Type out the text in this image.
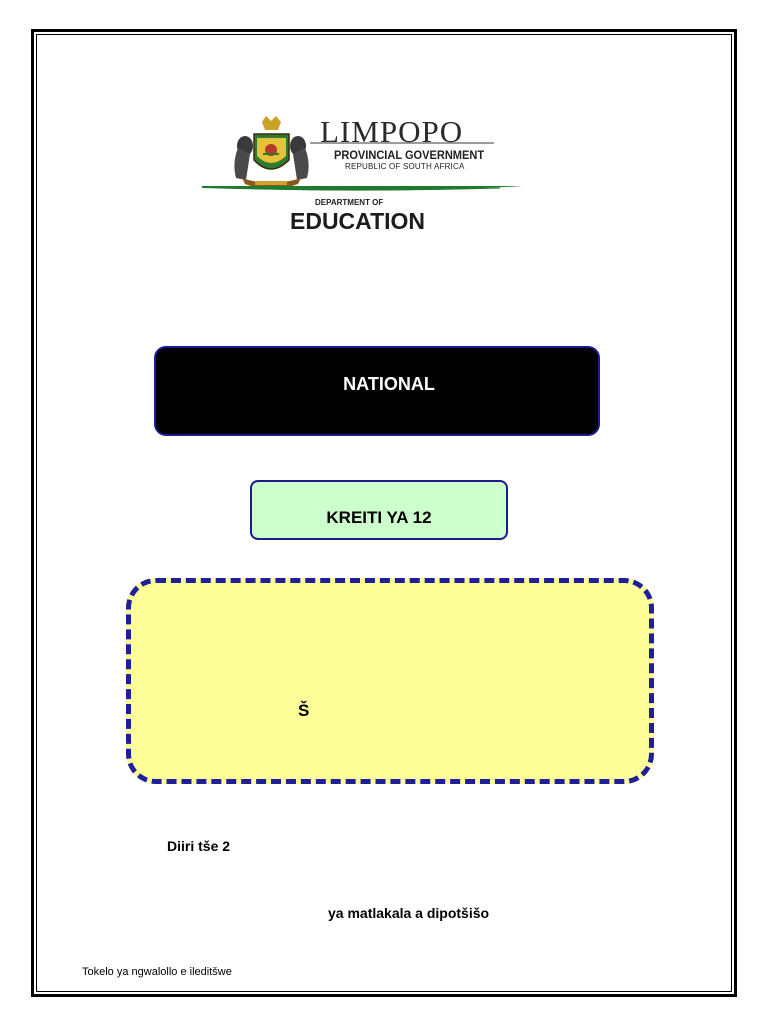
LIMPOPO
PROVINCIAL GOVERNMENT
REPUBLIC OF SOUTH AFRICA
DEPARTMENT OF
EDUCATION
NATIONAL
KREITI YA 12
Š
Diiri tše 2
ya matlakala a dipotšišo
Tokelo ya ngwalollo e ileditšwe
